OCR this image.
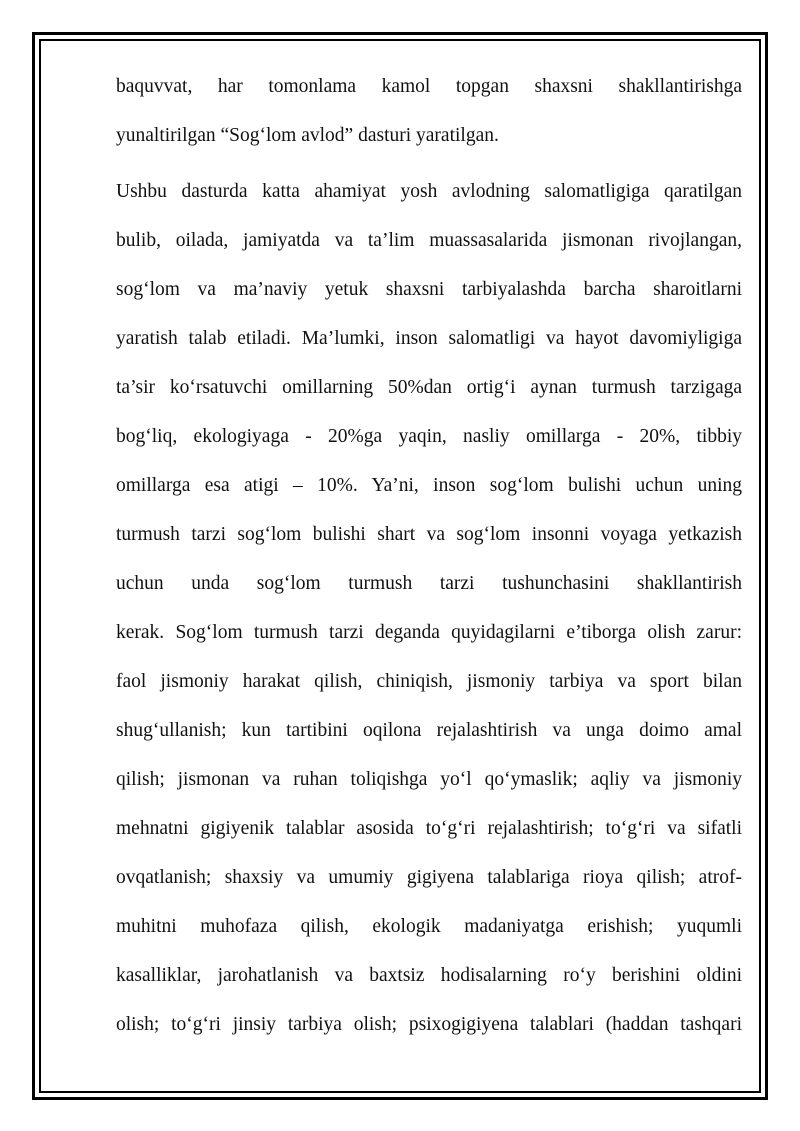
baquvvat, har tomonlama kamol topgan shaxsni shakllantirishga
yunaltirilgan “Sog‘lom avlod” dasturi yaratilgan.
Ushbu dasturda katta ahamiyat yosh avlodning salomatligiga qaratilgan
bulib, oilada, jamiyatda va ta’lim muassasalarida jismonan rivojlangan,
sog‘lom va ma’naviy yetuk shaxsni tarbiyalashda barcha sharoitlarni
yaratish talab etiladi. Ma’lumki, inson salomatligi va hayot davomiyligiga
ta’sir ko‘rsatuvchi omillarning 50%dan ortig‘i aynan turmush tarzigaga
bog‘liq, ekologiyaga - 20%ga yaqin, nasliy omillarga - 20%, tibbiy
omillarga esa atigi – 10%. Ya’ni, inson sog‘lom bulishi uchun uning
turmush tarzi sog‘lom bulishi shart va sog‘lom insonni voyaga yetkazish
uchun unda sog‘lom turmush tarzi tushunchasini shakllantirish
kerak. Sog‘lom turmush tarzi deganda quyidagilarni e’tiborga olish zarur:
faol jismoniy harakat qilish, chiniqish, jismoniy tarbiya va sport bilan
shug‘ullanish; kun tartibini oqilona rejalashtirish va unga doimo amal
qilish; jismonan va ruhan toliqishga yo‘l qo‘ymaslik; aqliy va jismoniy
mehnatni gigiyenik talablar asosida to‘g‘ri rejalashtirish; to‘g‘ri va sifatli
ovqatlanish; shaxsiy va umumiy gigiyena talablariga rioya qilish; atrof-
muhitni muhofaza qilish, ekologik madaniyatga erishish; yuqumli
kasalliklar, jarohatlanish va baxtsiz hodisalarning ro‘y berishini oldini
olish; to‘g‘ri jinsiy tarbiya olish; psixogigiyena talablari (haddan tashqari
